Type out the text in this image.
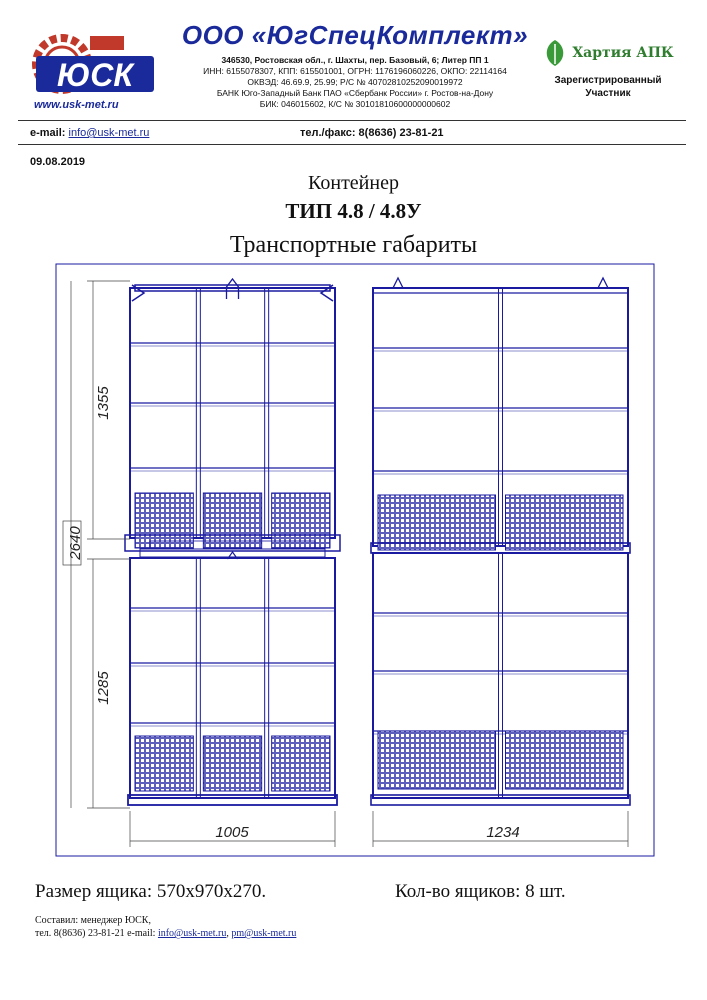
ЮСК
www.usk-met.ru
ООО «ЮгСпецКомплект»
346530, Ростовская обл., г. Шахты, пер. Базовый, 6; Литер ПП 1
ИНН: 6155078307, КПП: 615501001, ОГРН: 1176196060226, ОКПО: 22114164
ОКВЭД: 46.69.9, 25.99; Р/С № 40702810252090019972
БАНК Юго-Западный Банк ПАО «Сбербанк России» г. Ростов-на-Дону
БИК: 046015602, К/С № 30101810600000000602
Хартия АПК
Зарегистрированный
Участник
e-mail: info@usk-met.ru	тел./факс: 8(8636) 23-81-21
09.08.2019
Контейнер
ТИП 4.8 / 4.8У
Транспортные габариты
1355
2640
1285
1005	1234
Размер ящика: 570х970х270.	Кол-во ящиков: 8 шт.
Составил: менеджер ЮСК,
тел. 8(8636) 23-81-21 e-mail: info@usk-met.ru, pm@usk-met.ru
